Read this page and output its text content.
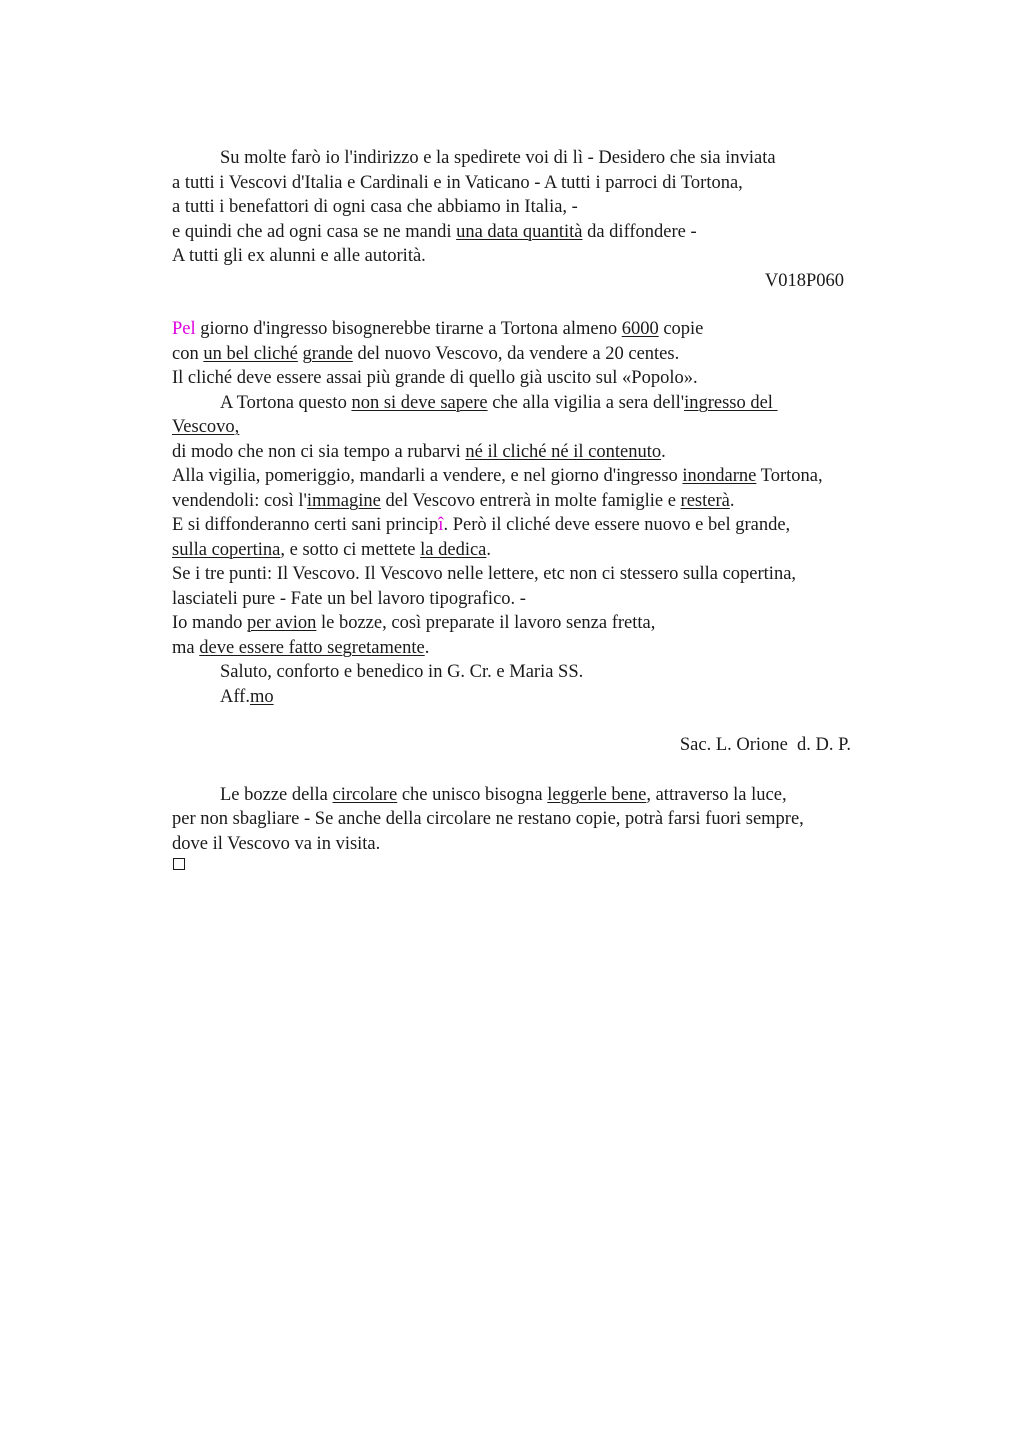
Su molte farò io l'indirizzo e la spedirete voi di lì - Desidero che sia inviata
a tutti i Vescovi d'Italia e Cardinali e in Vaticano - A tutti i parroci di Tortona,
a tutti i benefattori di ogni casa che abbiamo in Italia, -
e quindi che ad ogni casa se ne mandi una data quantità da diffondere -
A tutti gli ex alunni e alle autorità.
V018P060
Pel giorno d'ingresso bisognerebbe tirarne a Tortona almeno 6000 copie
con un bel cliché grande del nuovo Vescovo, da vendere a 20 centes.
Il cliché deve essere assai più grande di quello già uscito sul «Popolo».
A Tortona questo non si deve sapere che alla vigilia a sera dell'ingresso del
Vescovo,
di modo che non ci sia tempo a rubarvi né il cliché né il contenuto.
Alla vigilia, pomeriggio, mandarli a vendere, e nel giorno d'ingresso inondarne Tortona,
vendendoli: così l'immagine del Vescovo entrerà in molte famiglie e resterà.
E si diffonderanno certi sani principî. Però il cliché deve essere nuovo e bel grande,
sulla copertina, e sotto ci mettete la dedica.
Se i tre punti: Il Vescovo. Il Vescovo nelle lettere, etc non ci stessero sulla copertina,
lasciateli pure - Fate un bel lavoro tipografico. -
Io mando per avion le bozze, così preparate il lavoro senza fretta,
ma deve essere fatto segretamente.
Saluto, conforto e benedico in G. Cr. e Maria SS.
Aff.mo
Sac. L. Orione  d. D. P.
Le bozze della circolare che unisco bisogna leggerle bene, attraverso la luce,
per non sbagliare - Se anche della circolare ne restano copie, potrà farsi fuori sempre,
dove il Vescovo va in visita.
